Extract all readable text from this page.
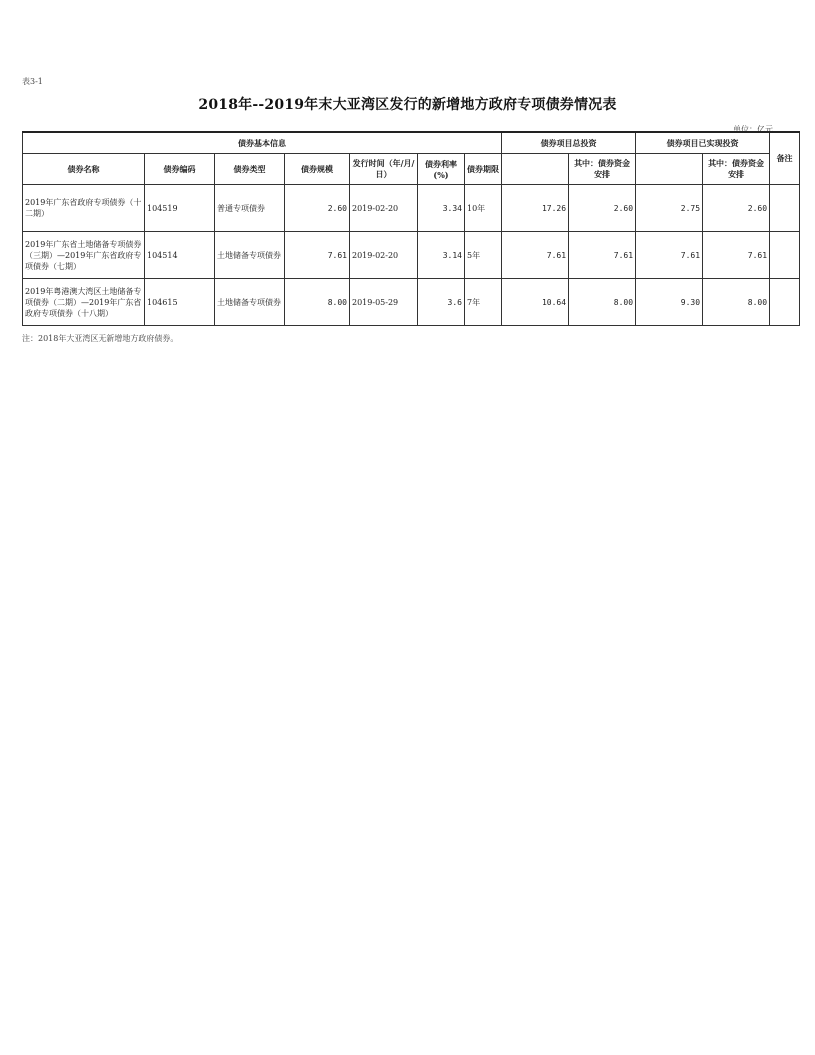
表3-1
2018年--2019年末大亚湾区发行的新增地方政府专项债券情况表
单位：亿元
债券基本信息							债券项目总投资		债券项目已实现投资		备注
债券名称	债券编码	债券类型	债券规模	发行时间（年/月/日）	债券利率(%)	债券期限		其中：债券资金安排		其中：债券资金安排	
2019年广东省政府专项债券（十二期）	104519	普通专项债券	2.60	2019-02-20	3.34	10年	17.26	2.60	2.75	2.60	
2019年广东省土地储备专项债券（三期）—2019年广东省政府专项债券（七期）	104514	土地储备专项债券	7.61	2019-02-20	3.14	5年	7.61	7.61	7.61	7.61	
2019年粤港澳大湾区土地储备专项债券（二期）—2019年广东省政府专项债券（十八期）	104615	土地储备专项债券	8.00	2019-05-29	3.6	7年	10.64	8.00	9.30	8.00	
注：2018年大亚湾区无新增地方政府债券。
